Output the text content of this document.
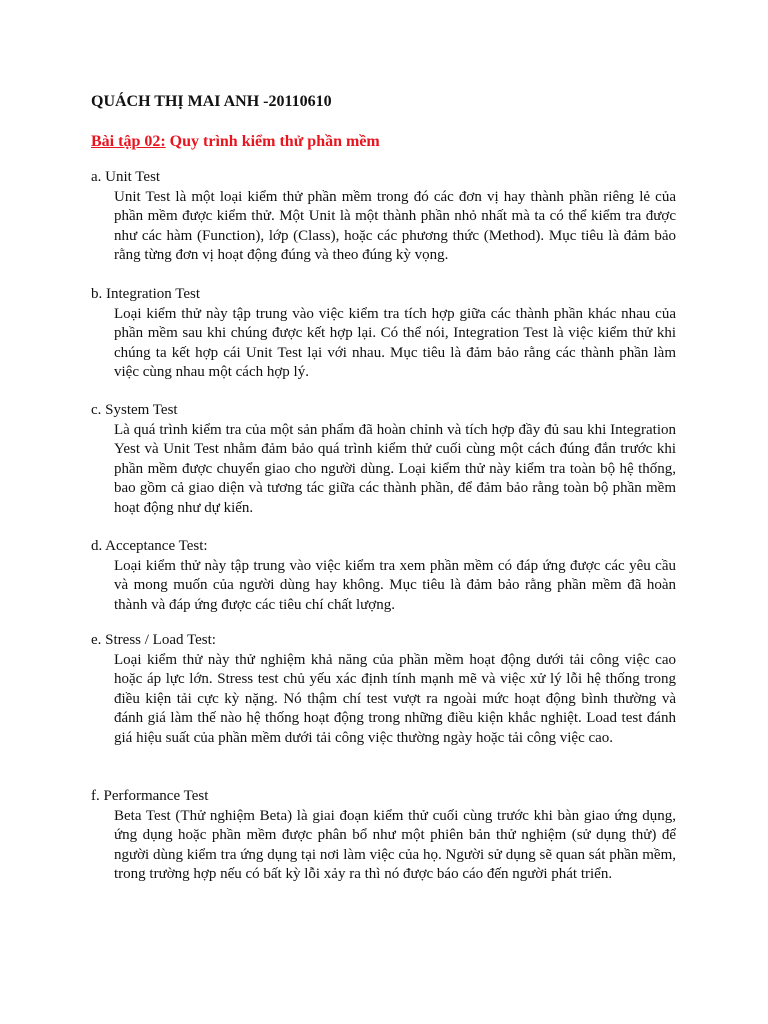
QUÁCH THỊ MAI ANH -20110610
Bài tập 02: Quy trình kiểm thử phần mềm
a. Unit Test
Unit Test là một loại kiểm thử phần mềm trong đó các đơn vị hay thành phần riêng lẻ của phần mềm được kiểm thử. Một Unit là một thành phần nhỏ nhất mà ta có thể kiểm tra được như các hàm (Function), lớp (Class), hoặc các phương thức (Method). Mục tiêu là đảm bảo rằng từng đơn vị hoạt động đúng và theo đúng kỳ vọng.
b. Integration Test
Loại kiểm thử này tập trung vào việc kiểm tra tích hợp giữa các thành phần khác nhau của phần mềm sau khi chúng được kết hợp lại. Có thể nói, Integration Test là việc kiểm thử khi chúng ta kết hợp cái Unit Test lại với nhau. Mục tiêu là đảm bảo rằng các thành phần làm việc cùng nhau một cách hợp lý.
c. System Test
Là quá trình kiểm tra của một sản phẩm đã hoàn chỉnh và tích hợp đầy đủ sau khi Integration Yest và Unit Test nhằm đảm bảo quá trình kiểm thử cuối cùng một cách đúng đắn trước khi phần mềm được chuyển giao cho người dùng. Loại kiểm thử này kiểm tra toàn bộ hệ thống, bao gồm cả giao diện và tương tác giữa các thành phần, để đảm bảo rằng toàn bộ phần mềm hoạt động như dự kiến.
d. Acceptance Test:
Loại kiểm thử này tập trung vào việc kiểm tra xem phần mềm có đáp ứng được các yêu cầu và mong muốn của người dùng hay không. Mục tiêu là đảm bảo rằng phần mềm đã hoàn thành và đáp ứng được các tiêu chí chất lượng.
e. Stress / Load Test:
Loại kiểm thử này thử nghiệm khả năng của phần mềm hoạt động dưới tải công việc cao hoặc áp lực lớn. Stress test chủ yếu xác định tính mạnh mẽ và việc xử lý lỗi hệ thống trong điều kiện tải cực kỳ nặng. Nó thậm chí test vượt ra ngoài mức hoạt động bình thường và đánh giá làm thế nào hệ thống hoạt động trong những điều kiện khắc nghiệt. Load test đánh giá hiệu suất của phần mềm dưới tải công việc thường ngày hoặc tải công việc cao.
f. Performance Test
Beta Test (Thử nghiệm Beta) là giai đoạn kiểm thử cuối cùng trước khi bàn giao ứng dụng, ứng dụng hoặc phần mềm được phân bổ như một phiên bản thử nghiệm (sử dụng thử) để người dùng kiểm tra ứng dụng tại nơi làm việc của họ. Người sử dụng sẽ quan sát phần mềm, trong trường hợp nếu có bất kỳ lỗi xảy ra thì nó được báo cáo đến người phát triển.
